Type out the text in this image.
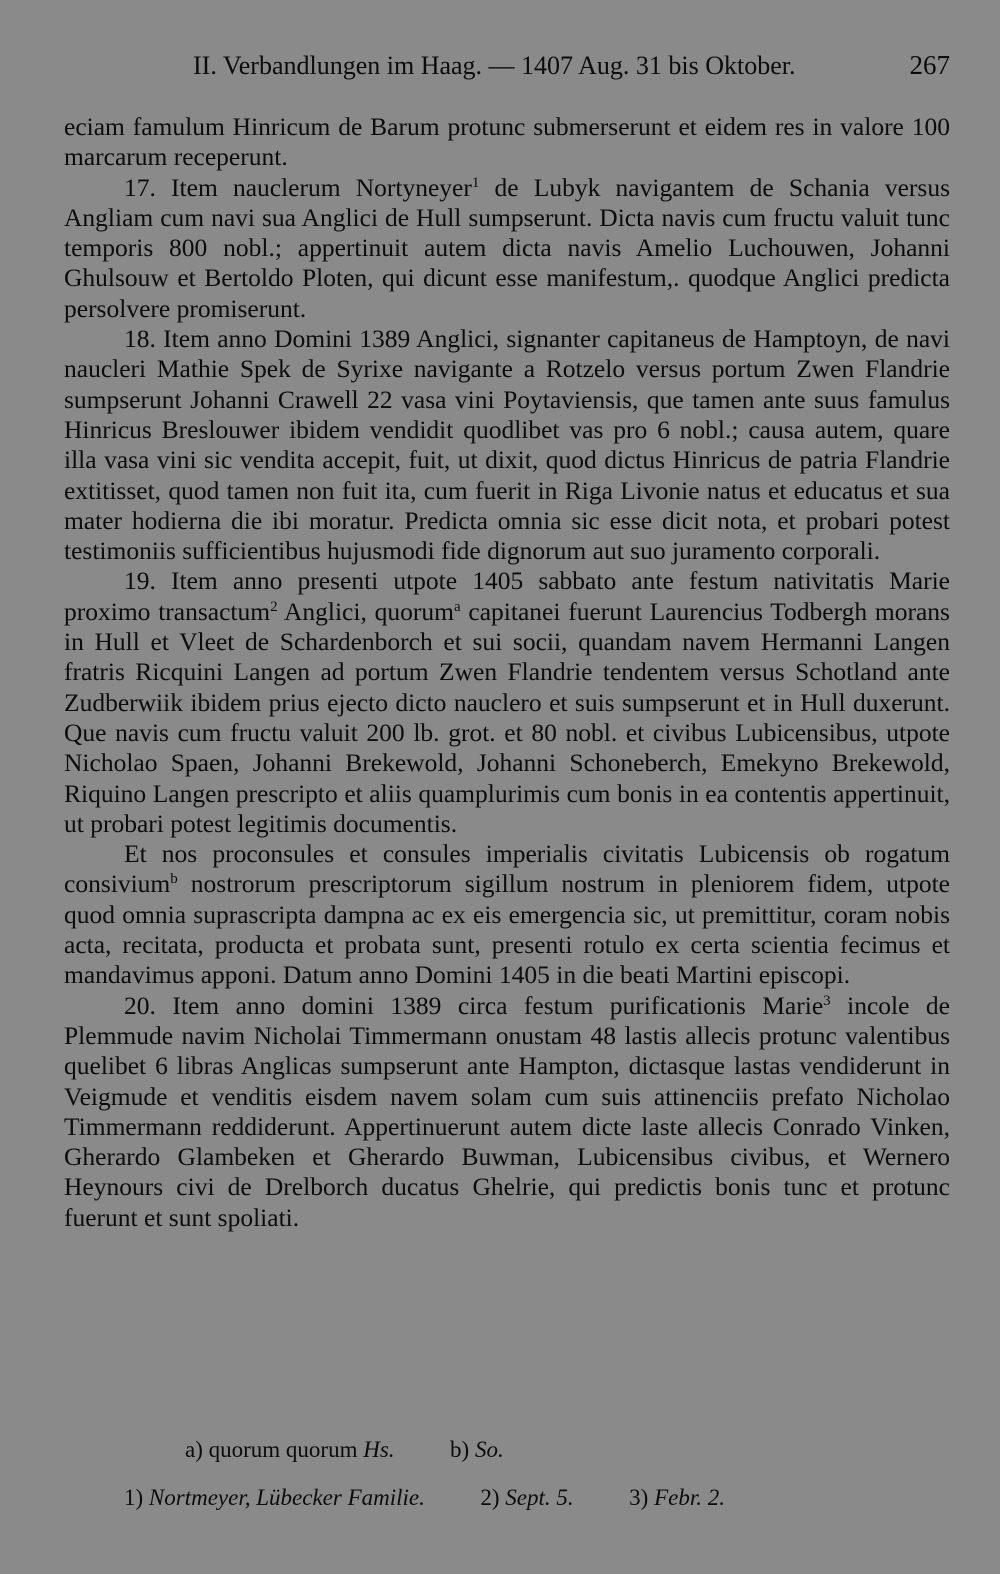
II. Verbandlungen im Haag. — 1407 Aug. 31 bis Oktober.	267

eciam famulum Hinricum de Barum protunc submerserunt et eidem res in valore 100 marcarum receperunt.

17. Item nauclerum Nortyneyer$^1$ de Lubyk navigantem de Schania versus Angliam cum navi sua Anglici de Hull sumpserunt. Dicta navis cum fructu valuit tunc temporis 800 nobl.; appertinuit autem dicta navis Amelio Luchouwen, Johanni Ghulsouw et Bertoldo Ploten, qui dicunt esse manifestum,. quodque Anglici predicta persolvere promiserunt.

18. Item anno Domini 1389 Anglici, signanter capitaneus de Hamptoyn, de navi naucleri Mathie Spek de Syrixe navigante a Rotzelo versus portum Zwen Flandrie sumpserunt Johanni Crawell 22 vasa vini Poytaviensis, que tamen ante suus famulus Hinricus Breslouwer ibidem vendidit quodlibet vas pro 6 nobl.; causa autem, quare illa vasa vini sic vendita accepit, fuit, ut dixit, quod dictus Hinricus de patria Flandrie extitisset, quod tamen non fuit ita, cum fuerit in Riga Livonie natus et educatus et sua mater hodierna die ibi moratur. Predicta omnia sic esse dicit nota, et probari potest testimoniis sufficientibus hujusmodi fide dignorum aut suo juramento corporali.

19. Item anno presenti utpote 1405 sabbato ante festum nativitatis Marie proximo transactum$^2$ Anglici, quorum$^a$ capitanei fuerunt Laurencius Todbergh morans in Hull et Vleet de Schardenborch et sui socii, quandam navem Hermanni Langen fratris Ricquini Langen ad portum Zwen Flandrie tendentem versus Schotland ante Zudberwiik ibidem prius ejecto dicto nauclero et suis sumpserunt et in Hull duxerunt. Que navis cum fructu valuit 200 lb. grot. et 80 nobl. et civibus Lubicensibus, utpote Nicholao Spaen, Johanni Brekewold, Johanni Schoneberch, Emekyno Brekewold, Riquino Langen prescripto et aliis quamplurimis cum bonis in ea contentis appertinuit, ut probari potest legitimis documentis.

Et nos proconsules et consules imperialis civitatis Lubicensis ob rogatum consivium$^b$ nostrorum prescriptorum sigillum nostrum in pleniorem fidem, utpote quod omnia suprascripta dampna ac ex eis emergencia sic, ut premittitur, coram nobis acta, recitata, producta et probata sunt, presenti rotulo ex certa scientia fecimus et mandavimus apponi. Datum anno Domini 1405 in die beati Martini episcopi.

20. Item anno domini 1389 circa festum purificationis Marie$^3$ incole de Plemmude navim Nicholai Timmermann onustam 48 lastis allecis protunc valentibus quelibet 6 libras Anglicas sumpserunt ante Hampton, dictasque lastas vendiderunt in Veigmude et venditis eisdem navem solam cum suis attinenciis prefato Nicholao Timmermann reddiderunt. Appertinuerunt autem dicte laste allecis Conrado Vinken, Gherardo Glambeken et Gherardo Buwman, Lubicensibus civibus, et Wernero Heynours civi de Drelborch ducatus Ghelrie, qui predictis bonis tunc et protunc fuerunt et sunt spoliati.

a) quorum quorum Hs. b) So.
1) Nortmeyer, Lübecker Familie. 2) Sept. 5. 3) Febr. 2.
